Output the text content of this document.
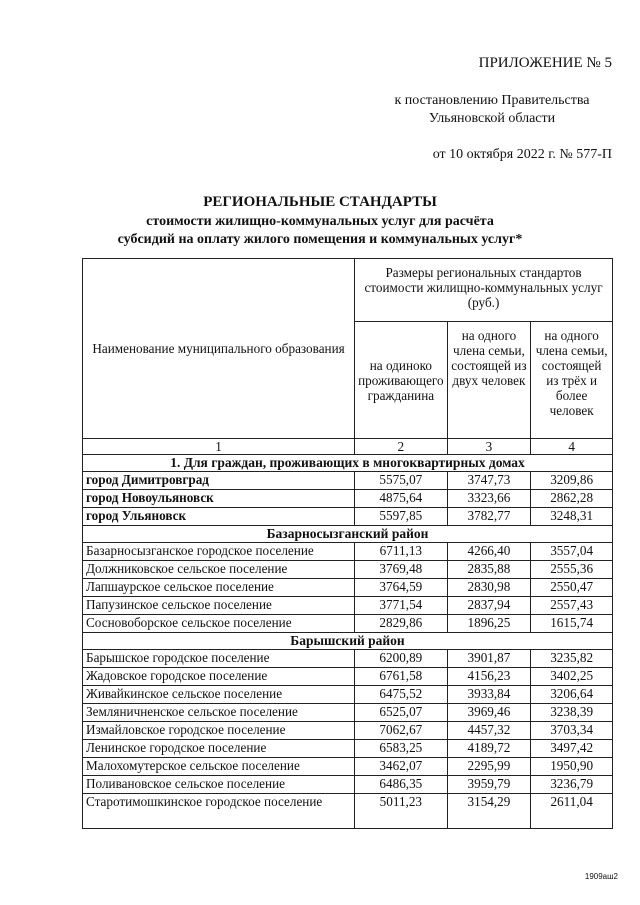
ПРИЛОЖЕНИЕ № 5
к постановлению Правительства
Ульяновской области
от 10 октября 2022 г. № 577-П
РЕГИОНАЛЬНЫЕ СТАНДАРТЫ
стоимости жилищно-коммунальных услуг для расчёта
субсидий на оплату жилого помещения и коммунальных услуг*
Наименование муниципального образования	Размеры региональных стандартов стоимости жилищно-коммунальных услуг (руб.)		
	на одиноко проживающего гражданина	на одного члена семьи, состоящей из двух человек	на одного члена семьи, состоящей из трёх и более человек
1	2	3	4
1. Для граждан, проживающих в многоквартирных домах			
город Димитровград	5575,07	3747,73	3209,86
город Новоульяновск	4875,64	3323,66	2862,28
город Ульяновск	5597,85	3782,77	3248,31
Базарносызганский район			
Базарносызганское городское поселение	6711,13	4266,40	3557,04
Должниковское сельское поселение	3769,48	2835,88	2555,36
Лапшаурское сельское поселение	3764,59	2830,98	2550,47
Папузинское сельское поселение	3771,54	2837,94	2557,43
Сосновоборское сельское поселение	2829,86	1896,25	1615,74
Барышский район			
Барышское городское поселение	6200,89	3901,87	3235,82
Жадовское городское поселение	6761,58	4156,23	3402,25
Живайкинское сельское поселение	6475,52	3933,84	3206,64
Земляничненское сельское поселение	6525,07	3969,46	3238,39
Измайловское городское поселение	7062,67	4457,32	3703,34
Ленинское городское поселение	6583,25	4189,72	3497,42
Малохомутерское сельское поселение	3462,07	2295,99	1950,90
Поливановское сельское поселение	6486,35	3959,79	3236,79
Старотимошкинское городское поселение	5011,23	3154,29	2611,04
1909аш2
